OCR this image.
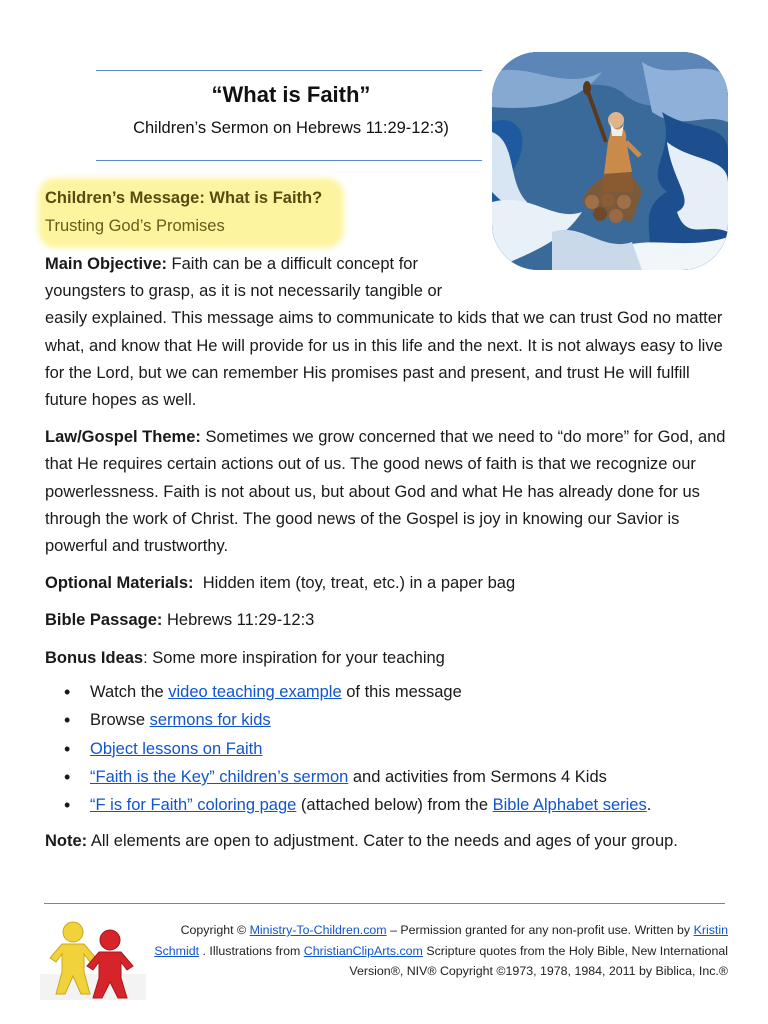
“What is Faith”
Children’s Sermon on Hebrews 11:29-12:3)
Children’s Message: What is Faith?
Trusting God’s Promises

Main Objective: Faith can be a difficult concept for youngsters to grasp, as it is not necessarily tangible or easily explained. This message aims to communicate to kids that we can trust God no matter what, and know that He will provide for us in this life and the next. It is not always easy to live for the Lord, but we can remember His promises past and present, and trust He will fulfill future hopes as well.

Law/Gospel Theme: Sometimes we grow concerned that we need to “do more” for God, and that He requires certain actions out of us. The good news of faith is that we recognize our powerlessness. Faith is not about us, but about God and what He has already done for us through the work of Christ. The good news of the Gospel is joy in knowing our Savior is powerful and trustworthy.

Optional Materials:  Hidden item (toy, treat, etc.) in a paper bag

Bible Passage: Hebrews 11:29-12:3

Bonus Ideas: Some more inspiration for your teaching

• Watch the video teaching example of this message
• Browse sermons for kids
• Object lessons on Faith
• “Faith is the Key” children’s sermon and activities from Sermons 4 Kids
• “F is for Faith” coloring page (attached below) from the Bible Alphabet series.

Note: All elements are open to adjustment. Cater to the needs and ages of your group.

Copyright © Ministry-To-Children.com – Permission granted for any non-profit use. Written by Kristin Schmidt . Illustrations from ChristianClipArts.com Scripture quotes from the Holy Bible, New International Version®, NIV® Copyright ©1973, 1978, 1984, 2011 by Biblica, Inc.®
